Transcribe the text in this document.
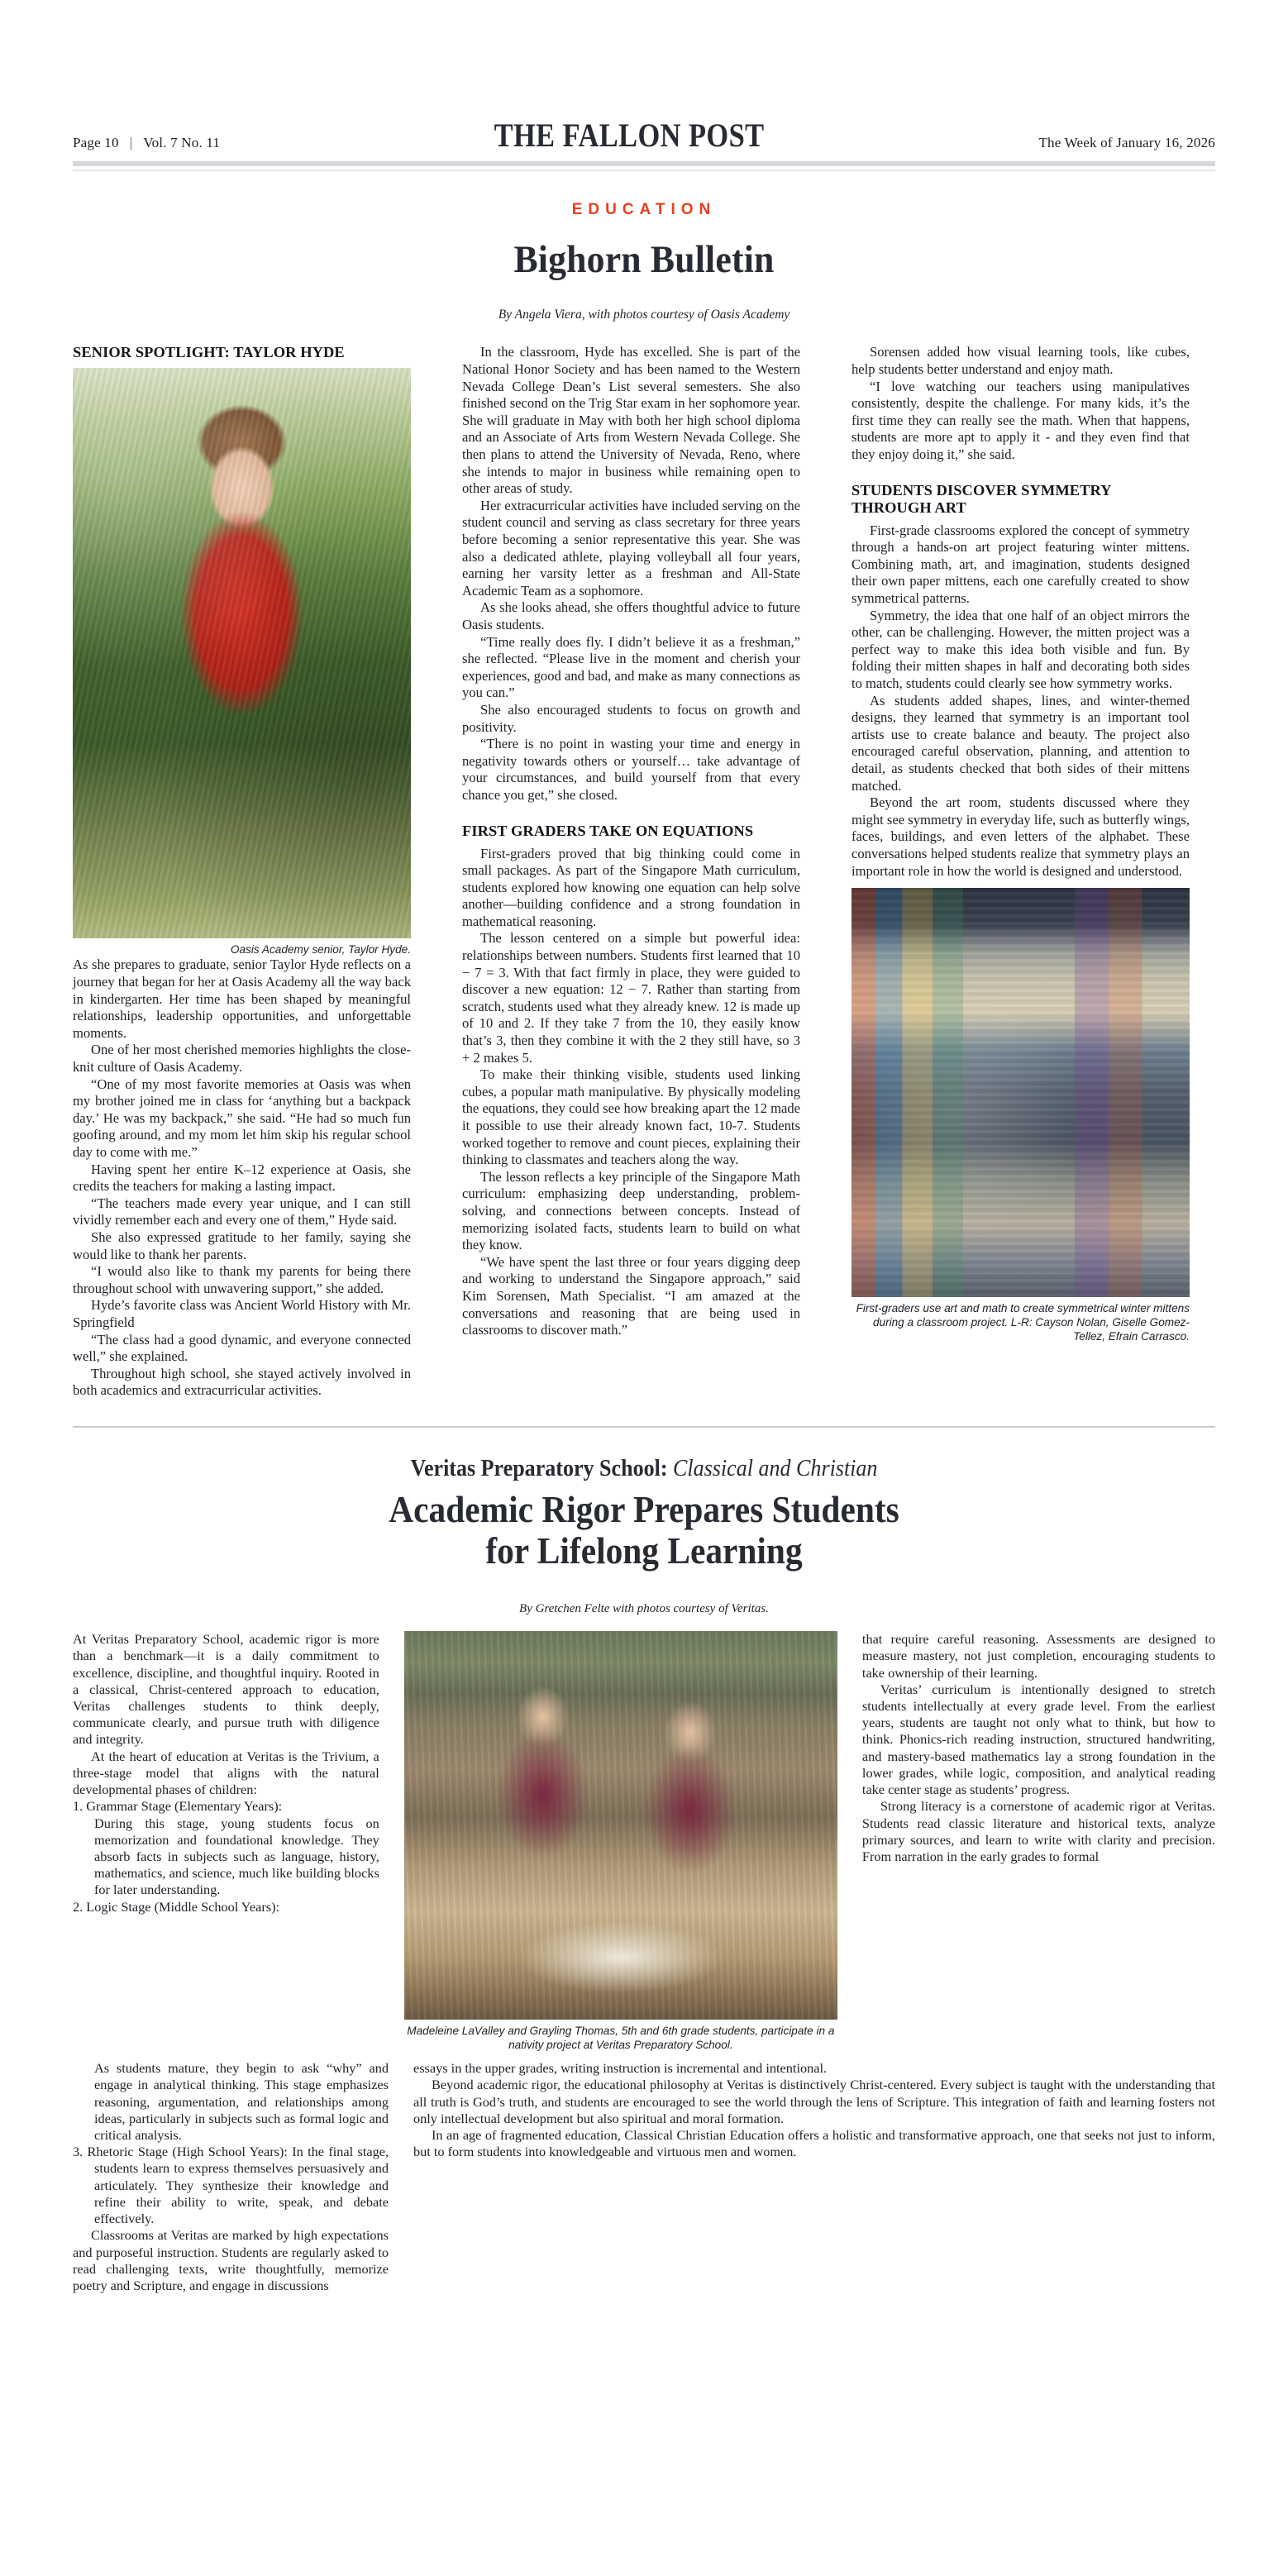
Page 10 | Vol. 7 No. 11	THE FALLON POST	The Week of January 16, 2026
EDUCATION
Bighorn Bulletin
By Angela Viera, with photos courtesy of Oasis Academy
SENIOR SPOTLIGHT: TAYLOR HYDE
Oasis Academy senior, Taylor Hyde.

As she prepares to graduate, senior Taylor Hyde reflects on a journey that began for her at Oasis Academy all the way back in kindergarten. Her time has been shaped by meaningful relationships, leadership opportunities, and unforgettable moments.

One of her most cherished memories highlights the close-knit culture of Oasis Academy.

“One of my most favorite memories at Oasis was when my brother joined me in class for ‘anything but a backpack day.’ He was my backpack,” she said. “He had so much fun goofing around, and my mom let him skip his regular school day to come with me.”

Having spent her entire K–12 experience at Oasis, she credits the teachers for making a lasting impact.

“The teachers made every year unique, and I can still vividly remember each and every one of them,” Hyde said.

She also expressed gratitude to her family, saying she would like to thank her parents.

“I would also like to thank my parents for being there throughout school with unwavering support,” she added.

Hyde’s favorite class was Ancient World History with Mr. Springfield

“The class had a good dynamic, and everyone connected well,” she explained.

Throughout high school, she stayed actively involved in both academics and extracurricular activities.

In the classroom, Hyde has excelled. She is part of the National Honor Society and has been named to the Western Nevada College Dean’s List several semesters. She also finished second on the Trig Star exam in her sophomore year. She will graduate in May with both her high school diploma and an Associate of Arts from Western Nevada College. She then plans to attend the University of Nevada, Reno, where she intends to major in business while remaining open to other areas of study.

Her extracurricular activities have included serving on the student council and serving as class secretary for three years before becoming a senior representative this year. She was also a dedicated athlete, playing volleyball all four years, earning her varsity letter as a freshman and All-State Academic Team as a sophomore.

As she looks ahead, she offers thoughtful advice to future Oasis students.

“Time really does fly. I didn’t believe it as a freshman,” she reflected. “Please live in the moment and cherish your experiences, good and bad, and make as many connections as you can.”

She also encouraged students to focus on growth and positivity.

“There is no point in wasting your time and energy in negativity towards others or yourself… take advantage of your circumstances, and build yourself from that every chance you get,” she closed.

FIRST GRADERS TAKE ON EQUATIONS

First-graders proved that big thinking could come in small packages. As part of the Singapore Math curriculum, students explored how knowing one equation can help solve another—building confidence and a strong foundation in mathematical reasoning.

The lesson centered on a simple but powerful idea: relationships between numbers. Students first learned that 10 − 7 = 3. With that fact firmly in place, they were guided to discover a new equation: 12 − 7. Rather than starting from scratch, students used what they already knew. 12 is made up of 10 and 2. If they take 7 from the 10, they easily know that’s 3, then they combine it with the 2 they still have, so 3 + 2 makes 5.

To make their thinking visible, students used linking cubes, a popular math manipulative. By physically modeling the equations, they could see how breaking apart the 12 made it possible to use their already known fact, 10-7. Students worked together to remove and count pieces, explaining their thinking to classmates and teachers along the way.

The lesson reflects a key principle of the Singapore Math curriculum: emphasizing deep understanding, problem-solving, and connections between concepts. Instead of memorizing isolated facts, students learn to build on what they know.

“We have spent the last three or four years digging deep and working to understand the Singapore approach,” said Kim Sorensen, Math Specialist. “I am amazed at the conversations and reasoning that are being used in classrooms to discover math.”

Sorensen added how visual learning tools, like cubes, help students better understand and enjoy math.

“I love watching our teachers using manipulatives consistently, despite the challenge. For many kids, it’s the first time they can really see the math. When that happens, students are more apt to apply it - and they even find that they enjoy doing it,” she said.

STUDENTS DISCOVER SYMMETRY THROUGH ART

First-grade classrooms explored the concept of symmetry through a hands-on art project featuring winter mittens. Combining math, art, and imagination, students designed their own paper mittens, each one carefully created to show symmetrical patterns.

Symmetry, the idea that one half of an object mirrors the other, can be challenging. However, the mitten project was a perfect way to make this idea both visible and fun. By folding their mitten shapes in half and decorating both sides to match, students could clearly see how symmetry works.

As students added shapes, lines, and winter-themed designs, they learned that symmetry is an important tool artists use to create balance and beauty. The project also encouraged careful observation, planning, and attention to detail, as students checked that both sides of their mittens matched.

Beyond the art room, students discussed where they might see symmetry in everyday life, such as butterfly wings, faces, buildings, and even letters of the alphabet. These conversations helped students realize that symmetry plays an important role in how the world is designed and understood.

First-graders use art and math to create symmetrical winter mittens during a classroom project. L-R: Cayson Nolan, Giselle Gomez-Tellez, Efrain Carrasco.
Veritas Preparatory School: Classical and Christian
Academic Rigor Prepares Students
for Lifelong Learning
By Gretchen Felte with photos courtesy of Veritas.

At Veritas Preparatory School, academic rigor is more than a benchmark—it is a daily commitment to excellence, discipline, and thoughtful inquiry. Rooted in a classical, Christ-centered approach to education, Veritas challenges students to think deeply, communicate clearly, and pursue truth with diligence and integrity.

At the heart of education at Veritas is the Trivium, a three-stage model that aligns with the natural developmental phases of children:

1. Grammar Stage (Elementary Years):
During this stage, young students focus on memorization and foundational knowledge. They absorb facts in subjects such as language, history, mathematics, and science, much like building blocks for later understanding.
2. Logic Stage (Middle School Years):
Madeleine LaValley and Grayling Thomas, 5th and 6th grade students, participate in a nativity project at Veritas Preparatory School.

that require careful reasoning. Assessments are designed to measure mastery, not just completion, encouraging students to take ownership of their learning.

Veritas’ curriculum is intentionally designed to stretch students intellectually at every grade level. From the earliest years, students are taught not only what to think, but how to think. Phonics-rich reading instruction, structured handwriting, and mastery-based mathematics lay a strong foundation in the lower grades, while logic, composition, and analytical reading take center stage as students’ progress.

Strong literacy is a cornerstone of academic rigor at Veritas. Students read classic literature and historical texts, analyze primary sources, and learn to write with clarity and precision. From narration in the early grades to formal

As students mature, they begin to ask “why” and engage in analytical thinking. This stage emphasizes reasoning, argumentation, and relationships among ideas, particularly in subjects such as formal logic and critical analysis.
3. Rhetoric Stage (High School Years): In the final stage, students learn to express themselves persuasively and articulately. They synthesize their knowledge and refine their ability to write, speak, and debate effectively.

Classrooms at Veritas are marked by high expectations and purposeful instruction. Students are regularly asked to read challenging texts, write thoughtfully, memorize poetry and Scripture, and engage in discussions

essays in the upper grades, writing instruction is incremental and intentional.

Beyond academic rigor, the educational philosophy at Veritas is distinctively Christ-centered. Every subject is taught with the understanding that all truth is God’s truth, and students are encouraged to see the world through the lens of Scripture. This integration of faith and learning fosters not only intellectual development but also spiritual and moral formation.

In an age of fragmented education, Classical Christian Education offers a holistic and transformative approach, one that seeks not just to inform, but to form students into knowledgeable and virtuous men and women.
